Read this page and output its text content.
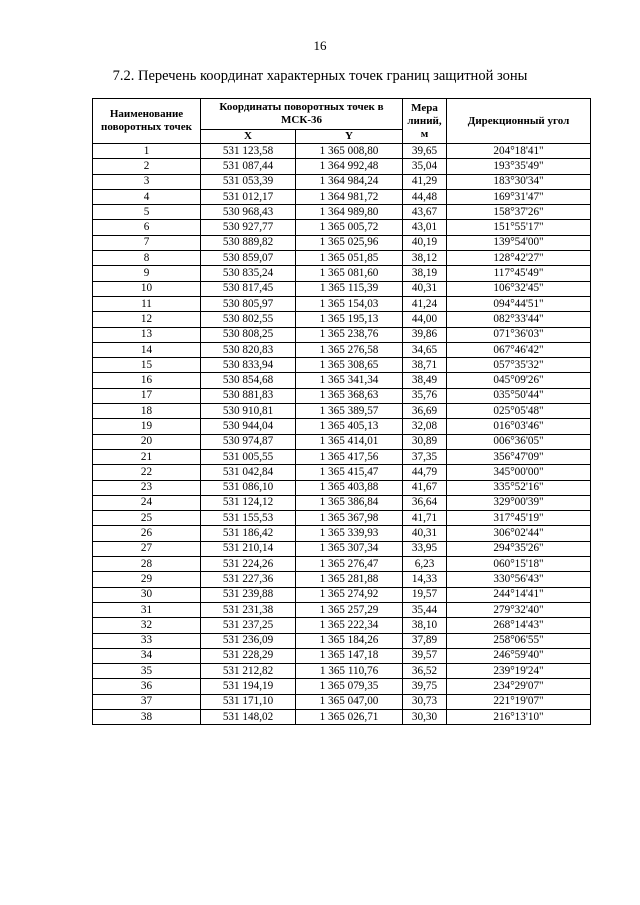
16
7.2. Перечень координат характерных точек границ защитной зоны
Наименование поворотных точек	Координаты поворотных точек в МСК-36		Мера линий, м	Дирекционный угол
	X	Y		
1	531 123,58	1 365 008,80	39,65	204°18'41"
2	531 087,44	1 364 992,48	35,04	193°35'49"
3	531 053,39	1 364 984,24	41,29	183°30'34"
4	531 012,17	1 364 981,72	44,48	169°31'47"
5	530 968,43	1 364 989,80	43,67	158°37'26"
6	530 927,77	1 365 005,72	43,01	151°55'17"
7	530 889,82	1 365 025,96	40,19	139°54'00"
8	530 859,07	1 365 051,85	38,12	128°42'27"
9	530 835,24	1 365 081,60	38,19	117°45'49"
10	530 817,45	1 365 115,39	40,31	106°32'45"
11	530 805,97	1 365 154,03	41,24	094°44'51"
12	530 802,55	1 365 195,13	44,00	082°33'44"
13	530 808,25	1 365 238,76	39,86	071°36'03"
14	530 820,83	1 365 276,58	34,65	067°46'42"
15	530 833,94	1 365 308,65	38,71	057°35'32"
16	530 854,68	1 365 341,34	38,49	045°09'26"
17	530 881,83	1 365 368,63	35,76	035°50'44"
18	530 910,81	1 365 389,57	36,69	025°05'48"
19	530 944,04	1 365 405,13	32,08	016°03'46"
20	530 974,87	1 365 414,01	30,89	006°36'05"
21	531 005,55	1 365 417,56	37,35	356°47'09"
22	531 042,84	1 365 415,47	44,79	345°00'00"
23	531 086,10	1 365 403,88	41,67	335°52'16"
24	531 124,12	1 365 386,84	36,64	329°00'39"
25	531 155,53	1 365 367,98	41,71	317°45'19"
26	531 186,42	1 365 339,93	40,31	306°02'44"
27	531 210,14	1 365 307,34	33,95	294°35'26"
28	531 224,26	1 365 276,47	6,23	060°15'18"
29	531 227,36	1 365 281,88	14,33	330°56'43"
30	531 239,88	1 365 274,92	19,57	244°14'41"
31	531 231,38	1 365 257,29	35,44	279°32'40"
32	531 237,25	1 365 222,34	38,10	268°14'43"
33	531 236,09	1 365 184,26	37,89	258°06'55"
34	531 228,29	1 365 147,18	39,57	246°59'40"
35	531 212,82	1 365 110,76	36,52	239°19'24"
36	531 194,19	1 365 079,35	39,75	234°29'07"
37	531 171,10	1 365 047,00	30,73	221°19'07"
38	531 148,02	1 365 026,71	30,30	216°13'10"
